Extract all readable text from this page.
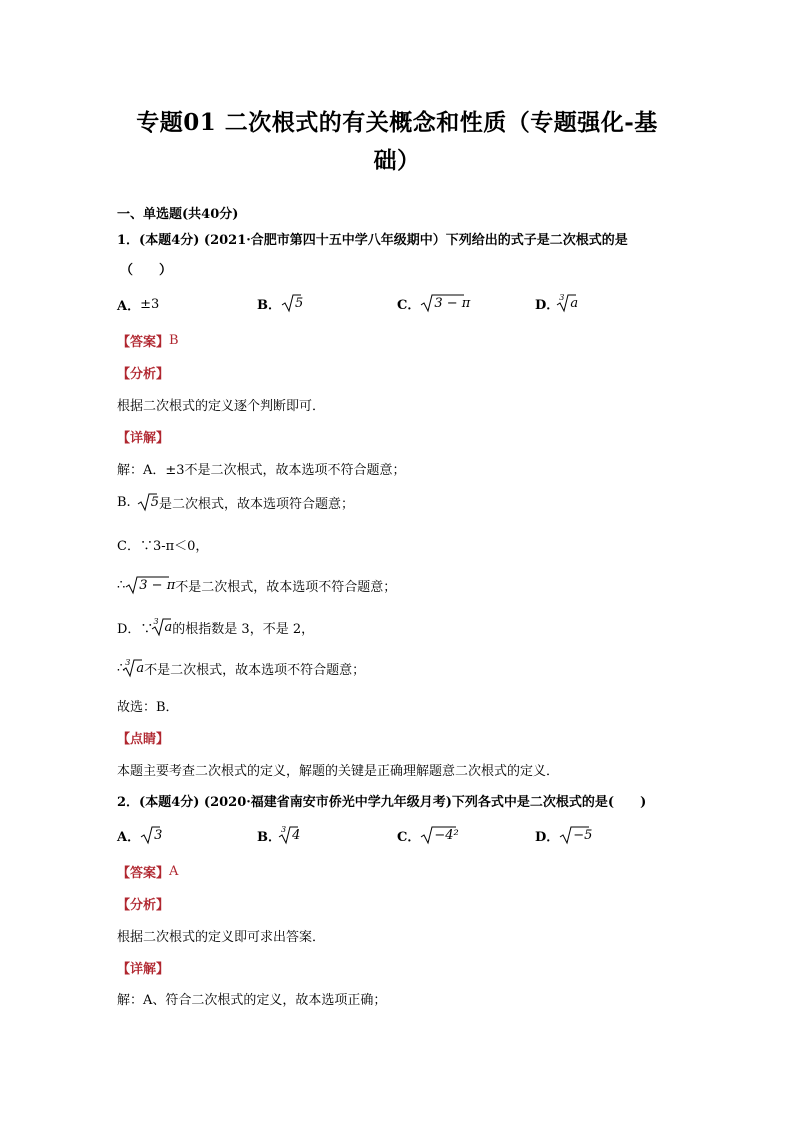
专题01 二次根式的有关概念和性质（专题强化-基
础）
一、单选题(共40分)
1．(本题4分) (2021·合肥市第四十五中学八年级期中）下列给出的式子是二次根式的是
（　　）
A． ±3	B． 5	C． 3 − π	D．
3 a
【答案】 B
【分析】
根据二次根式的定义逐个判断即可．
【详解】
解：A．±3不是二次根式，故本选项不符合题意；
B. 5 是二次根式，故本选项符合题意；
C．∵3-π＜0，
∴ 3 − π 不是二次根式，故本选项不符合题意；
D．∵
3 a 的根指数是 3，不是 2，
∴ 3 a 不是二次根式，故本选项不符合题意；
故选：B．
【点睛】
本题主要考查二次根式的定义，解题的关键是正确理解题意二次根式的定义．
2．(本题4分) (2020·福建省南安市侨光中学九年级月考)下列各式中是二次根式的是(　　)
A． 3	B．
3 4	C． −4²	D． −5
【答案】 A
【分析】
根据二次根式的定义即可求出答案．
【详解】
解：A、符合二次根式的定义，故本选项正确；
